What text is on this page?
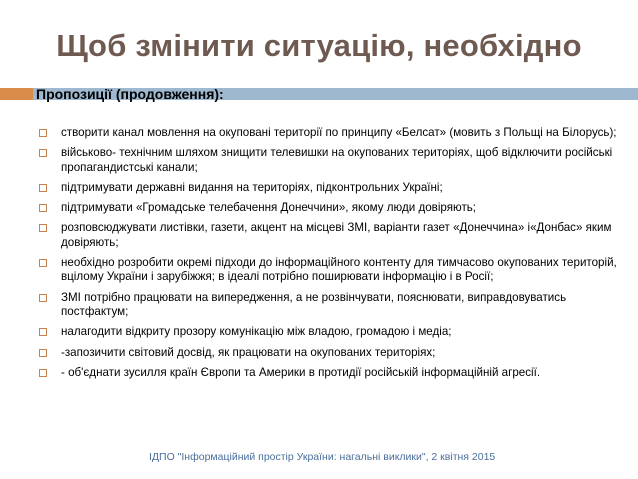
Щоб змінити ситуацію, необхідно
Пропозиції (продовження):
створити канал мовлення на окуповані території по принципу «Белсат» (мовить з Польщі на Білорусь);
військово- технічним шляхом знищити телевишки на окупованих територіях, щоб відключити російські пропагандистські канали;
підтримувати державні видання на територіях, підконтрольних Україні;
підтримувати «Громадське телебачення Донеччини», якому люди довіряють;
розповсюджувати листівки, газети, акцент на місцеві ЗМІ, варіанти газет «Донеччина» і«Донбас» яким довіряють;
необхідно розробити окремі підходи до інформаційного контенту для тимчасово окупованих територій, вцілому України і зарубіжжя; в ідеалі потрібно поширювати інформацію і в Росії;
ЗМІ потрібно працювати на випередження, а не розвінчувати, пояснювати, виправдовуватись постфактум;
налагодити відкриту прозору комунікацію між владою, громадою і медіа;
-запозичити світовий досвід, як працювати на окупованих територіях;
- об'єднати зусилля країн Європи та Америки в протидії російській інформаційній агресії.
ІДПО "Інформаційний простір України: нагальні виклики", 2 квітня 2015
